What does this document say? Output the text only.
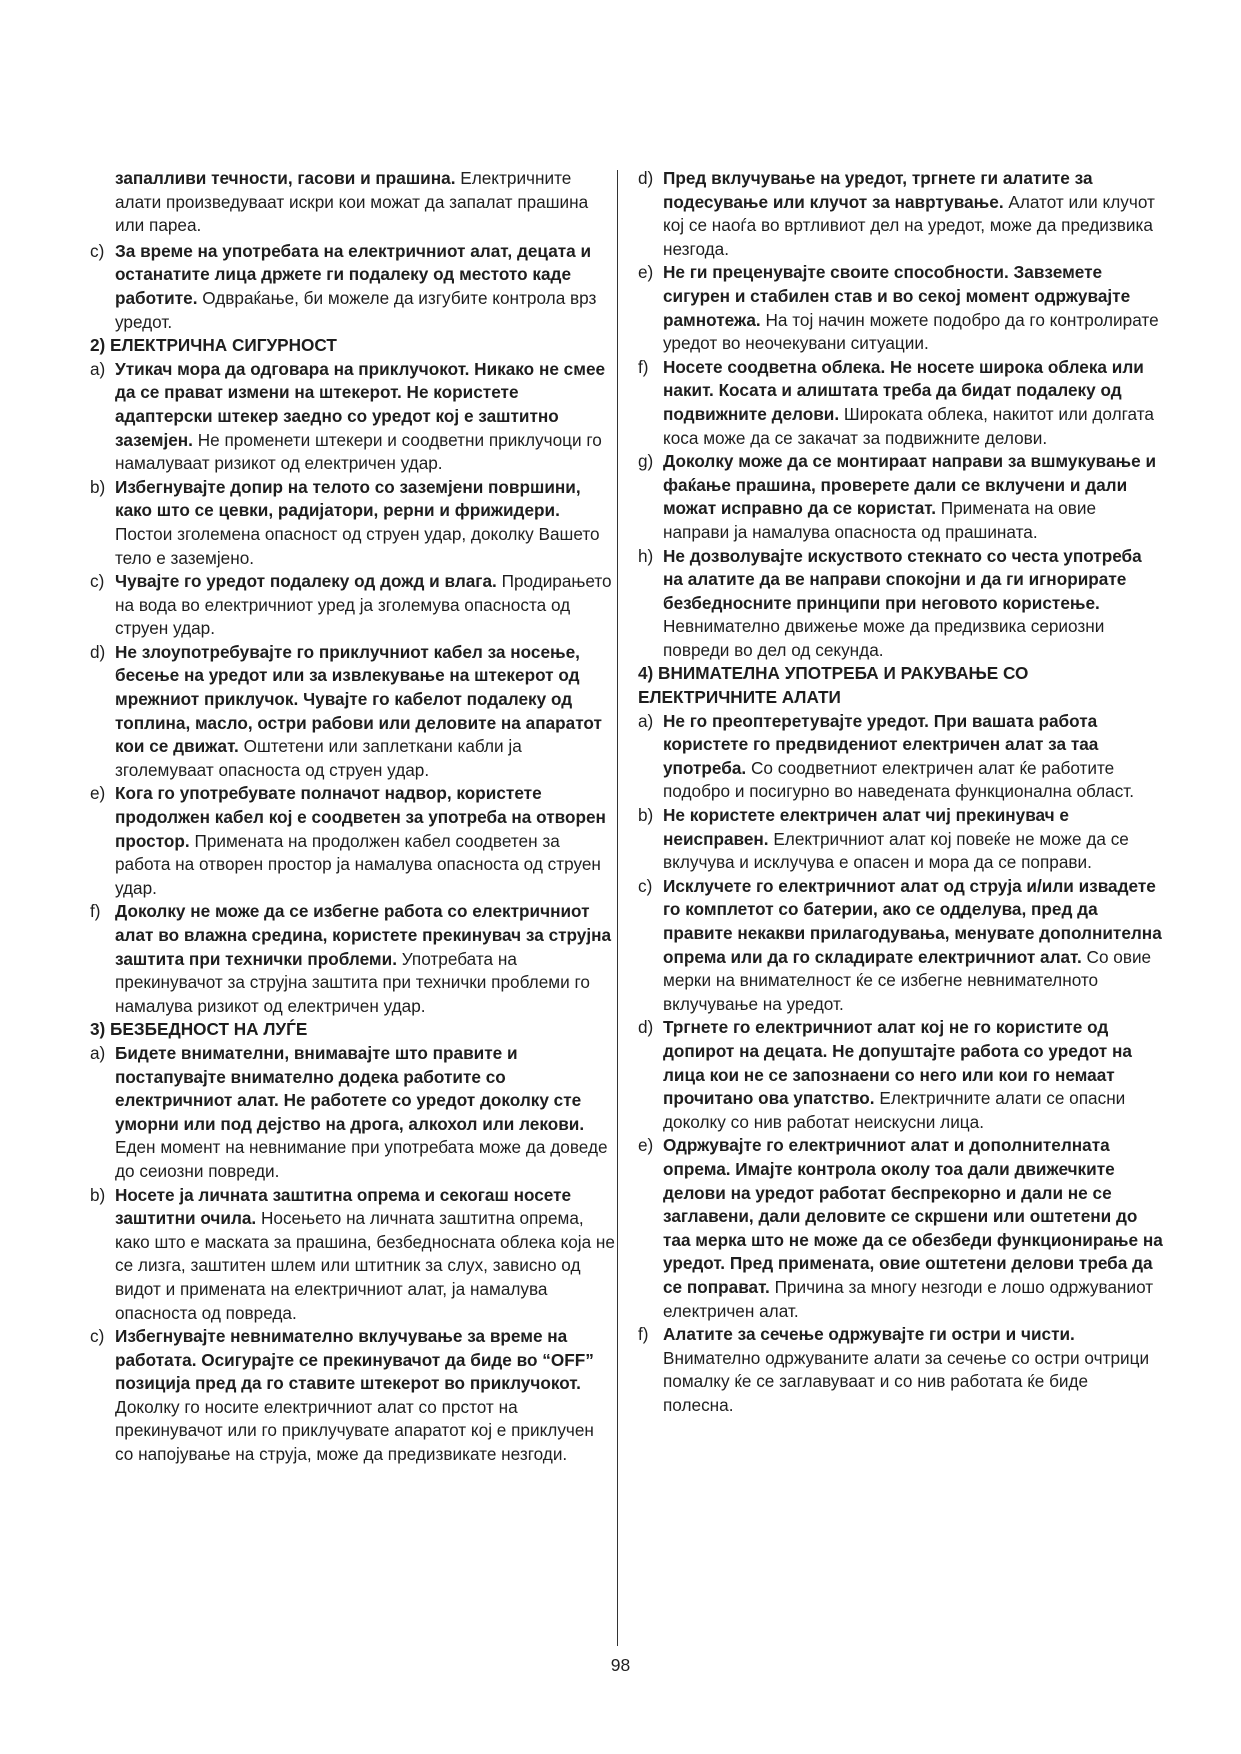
запалливи течности, гасови и прашина. Електричните алати произведуваат искри кои можат да запалат прашина или пареа.

c) За време на употребата на електричниот алат, децата и останатите лица држете ги подалеку од местото каде работите. Одвраќање, би можеле да изгубите контрола врз уредот.

2) ЕЛЕКТРИЧНА СИГУРНОСТ

a) Утикач мора да одговара на приклучокот. Никако не смее да се прават измени на штекерот. Не користете адаптерски штекер заедно со уредот кој е заштитно заземјен. Не променети штекери и соодветни приклучоци го намалуваат ризикот од електричен удар.

b) Избегнувајте допир на телото со заземјени површини, како што се цевки, радијатори, рерни и фрижидери. Постои зголемена опасност од струен удар, доколку Вашето тело е заземјено.

c) Чувајте го уредот подалеку од дожд и влага. Продирањето на вода во електричниот уред ја зголемува опасноста од струен удар.

d) Не злоупотребувајте го приклучниот кабел за носење, бесење на уредот или за извлекување на штекерот од мрежниот приклучок. Чувајте го кабелот подалеку од топлина, масло, остри рабови или деловите на апаратот кои се движат. Оштетени или заплеткани кабли ја зголемуваат опасноста од струен удар.

e) Кога го употребувате полначот надвор, користете продолжен кабел кој е соодветен за употреба на отворен простор. Примената на продолжен кабел соодветен за работа на отворен простор ја намалува опасноста од струен удар.

f) Доколку не може да се избегне работа со електричниот алат во влажна средина, користете прекинувач за струјна заштита при технички проблеми. Употребата на прекинувачот за струјна заштита при технички проблеми го намалува ризикот од електричен удар.

3) БЕЗБЕДНОСТ НА ЛУЃЕ

a) Бидете внимателни, внимавајте што правите и постапувајте внимателно додека работите со електричниот алат. Не работете со уредот доколку сте уморни или под дејство на дрога, алкохол или лекови. Еден момент на невнимание при употребата може да доведе до сеиозни повреди.

b) Носете ја личната заштитна опрема и секогаш носете заштитни очила. Носењето на личната заштитна опрема, како што е маската за прашина, безбедносната облека која не се лизга, заштитен шлем или штитник за слух, зависно од видот и примената на електричниот алат, ја намалува опасноста од повреда.

c) Избегнувајте невнимателно вклучување за време на работата. Осигурајте се прекинувачот да биде во “OFF” позиција пред да го ставите штекерот во приклучокот. Доколку го носите електричниот алат со прстот на прекинувачот или го приклучувате апаратот кој е приклучен со напојување на струја, може да предизвикате незгоди.

d) Пред вклучување на уредот, тргнете ги алатите за подесување или клучот за навртување. Алатот или клучот кој се наоѓа во вртливиот дел на уредот, може да предизвика незгода.

e) Не ги преценувајте своите способности. Завземете сигурен и стабилен став и во секој момент одржувајте рамнотежа. На тој начин можете подобро да го контролирате уредот во неочекувани ситуации.

f) Носете соодветна облека. Не носете широка облека или накит. Косата и алиштата треба да бидат подалеку од подвижните делови. Широката облека, накитот или долгата коса може да се закачат за подвижните делови.

g) Доколку може да се монтираат направи за вшмукување и фаќање прашина, проверете дали се вклучени и дали можат исправно да се користат. Примената на овие направи ја намалува опасноста од прашината.

h) Не дозволувајте искуството стекнато со честа употреба на алатите да ве направи спокојни и да ги игнорирате безбедносните принципи при неговото користење. Невнимателно движење може да предизвика сериозни повреди во дел од секунда.

4) ВНИМАТЕЛНА УПОТРЕБА И РАКУВАЊЕ СО ЕЛЕКТРИЧНИТЕ АЛАТИ

a) Не го преоптеретувајте уредот. При вашата работа користете го предвидениот електричен алат за таа употреба. Со соодветниот електричен алат ќе работите подобро и посигурно во наведената функционална област.

b) Не користете електричен алат чиј прекинувач е неисправен. Електричниот алат кој повеќе не може да се вклучува и исклучува е опасен и мора да се поправи.

c) Исклучете го електричниот алат од струја и/или извадете го комплетот со батерии, ако се одделува, пред да правите некакви прилагодувања, менувате дополнителна опрема или да го складирате електричниот алат. Со овие мерки на внимателност ќе се избегне невнимателното вклучување на уредот.

d) Тргнете го електричниот алат кој не го користите од допирот на децата. Не допуштајте работа со уредот на лица кои не се запознаени со него или кои го немаат прочитано ова упатство. Електричните алати се опасни доколку со нив работат неискусни лица.

e) Одржувајте го електричниот алат и дополнителната опрема. Имајте контрола околу тоа дали движечките делови на уредот работат беспрекорно и дали не се заглавени, дали деловите се скршени или оштетени до таа мерка што не може да се обезбеди функционирање на уредот. Пред примената, овие оштетени делови треба да се поправат. Причина за многу незгоди е лошо одржуваниот електричен алат.

f) Алатите за сечење одржувајте ги остри и чисти. Внимателно одржуваните алати за сечење со остри очтрици помалку ќе се заглавуваат и со нив работата ќе биде полесна.

98
